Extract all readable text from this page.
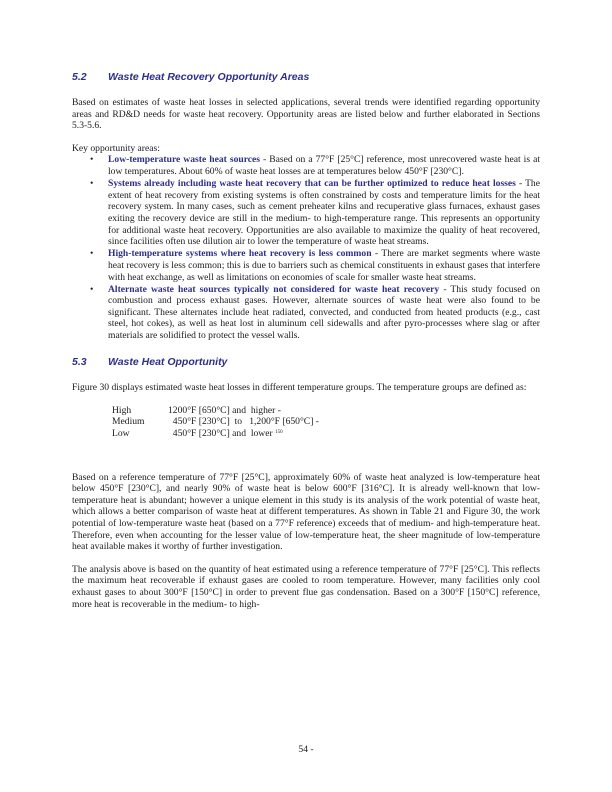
5.2 Waste Heat Recovery Opportunity Areas

Based on estimates of waste heat losses in selected applications, several trends were identified regarding opportunity areas and RD&D needs for waste heat recovery. Opportunity areas are listed below and further elaborated in Sections 5.3-5.6.

Key opportunity areas:

• Low-temperature waste heat sources - Based on a 77°F [25°C] reference, most unrecovered waste heat is at low temperatures. About 60% of waste heat losses are at temperatures below 450°F [230°C].
• Systems already including waste heat recovery that can be further optimized to reduce heat losses - The extent of heat recovery from existing systems is often constrained by costs and temperature limits for the heat recovery system. In many cases, such as cement preheater kilns and recuperative glass furnaces, exhaust gases exiting the recovery device are still in the medium- to high-temperature range. This represents an opportunity for additional waste heat recovery. Opportunities are also available to maximize the quality of heat recovered, since facilities often use dilution air to lower the temperature of waste heat streams.
• High-temperature systems where heat recovery is less common - There are market segments where waste heat recovery is less common; this is due to barriers such as chemical constituents in exhaust gases that interfere with heat exchange, as well as limitations on economies of scale for smaller waste heat streams.
• Alternate waste heat sources typically not considered for waste heat recovery - This study focused on combustion and process exhaust gases. However, alternate sources of waste heat were also found to be significant. These alternates include heat radiated, convected, and conducted from heated products (e.g., cast steel, hot cokes), as well as heat lost in aluminum cell sidewalls and after pyro-processes where slag or after materials are solidified to protect the vessel walls.
5.3 Waste Heat Opportunity

Figure 30 displays estimated waste heat losses in different temperature groups. The temperature groups are defined as:

High	1200°F [650°C] and  higher -
Medium	450°F [230°C]  to   1,200°F [650°C] -
Low	450°F [230°C] and  lower $^{150}$

Based on a reference temperature of 77°F [25°C], approximately 60% of waste heat analyzed is low-temperature heat below 450°F [230°C], and nearly 90% of waste heat is below 600°F [316°C]. It is already well-known that low-temperature heat is abundant; however a unique element in this study is its analysis of the work potential of waste heat, which allows a better comparison of waste heat at different temperatures. As shown in Table 21 and Figure 30, the work potential of low-temperature waste heat (based on a 77°F reference) exceeds that of medium- and high-temperature heat. Therefore, even when accounting for the lesser value of low-temperature heat, the sheer magnitude of low-temperature heat available makes it worthy of further investigation.

The analysis above is based on the quantity of heat estimated using a reference temperature of 77°F [25°C]. This reflects the maximum heat recoverable if exhaust gases are cooled to room temperature. However, many facilities only cool exhaust gases to about 300°F [150°C] in order to prevent flue gas condensation. Based on a 300°F [150°C] reference, more heat is recoverable in the medium- to high-

54 -
